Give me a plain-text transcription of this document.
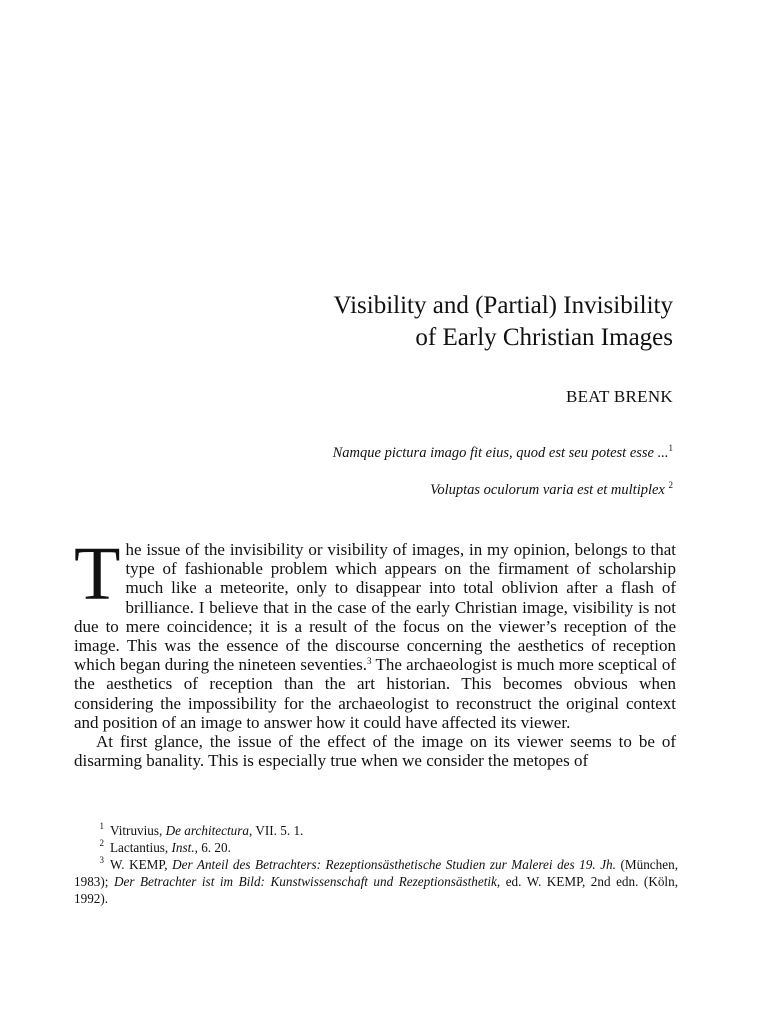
Visibility and (Partial) Invisibility
of Early Christian Images
BEAT BRENK
Namque pictura imago fit eius, quod est seu potest esse ...$^1$
Voluptas oculorum varia est et multiplex $^2$

The issue of the invisibility or visibility of images, in my opinion, belongs to that type of fashionable problem which appears on the firmament of scholarship much like a meteorite, only to disappear into total oblivion after a flash of brilliance. I believe that in the case of the early Christian image, visibility is not due to mere coincidence; it is a result of the focus on the viewer’s reception of the image. This was the essence of the discourse concerning the aesthetics of reception which began during the nineteen seventies.$^3$ The archaeologist is much more sceptical of the aesthetics of reception than the art historian. This becomes obvious when considering the impossibility for the archaeologist to reconstruct the original context and position of an image to answer how it could have affected its viewer.

At first glance, the issue of the effect of the image on its viewer seems to be of disarming banality. This is especially true when we consider the metopes of

$^1$ Vitruvius, De architectura, VII. 5. 1.

$^2$ Lactantius, Inst., 6. 20.

$^3$ W. KEMP, Der Anteil des Betrachters: Rezeptionsästhetische Studien zur Malerei des 19. Jh. (München, 1983); Der Betrachter ist im Bild: Kunstwissenschaft und Rezeptionsästhetik, ed. W. KEMP, 2nd edn. (Köln, 1992).
